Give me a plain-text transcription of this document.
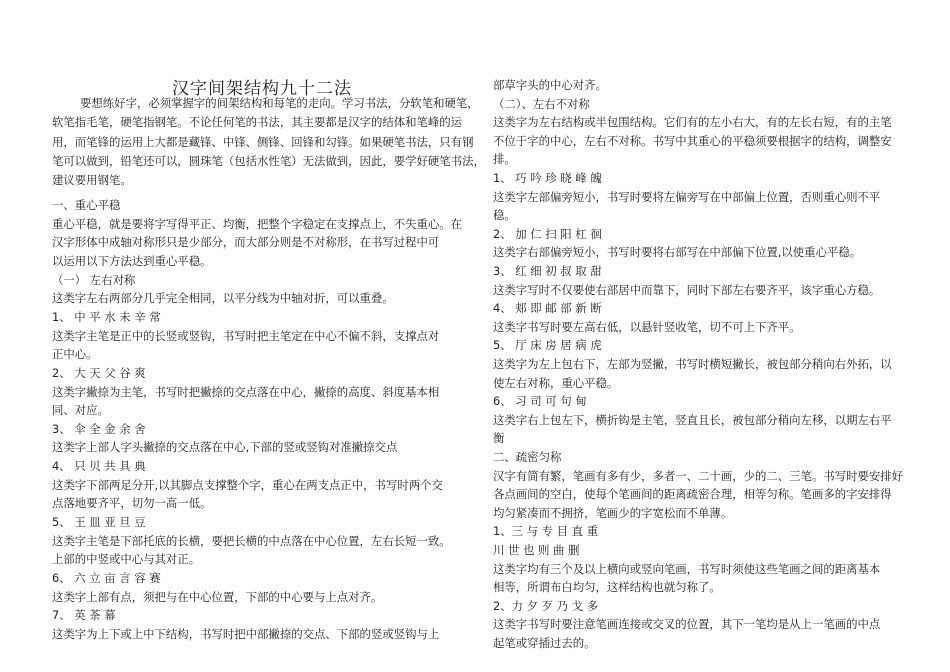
汉字间架结构九十二法
要想练好字，必须掌握字的间架结构和每笔的走向。学习书法，分软笔和硬笔，
软笔指毛笔，硬笔指钢笔。不论任何笔的书法，其主要都是汉字的结体和笔峰的运
用，而笔锋的运用上大都是藏锋、中锋、侧锋、回锋和勾锋。如果硬笔书法，只有钢
笔可以做到，铅笔还可以，圆珠笔（包括水性笔）无法做到，因此，要学好硬笔书法，
建议要用钢笔。
一、重心平稳
重心平稳，就是要将字写得平正、均衡，把整个字稳定在支撑点上，不失重心。在
汉字形体中成轴对称形只是少部分，而大部分则是不对称形，在书写过程中可
以运用以下方法达到重心平稳。
（一） 左右对称
这类字左右两部分几乎完全相同，以平分线为中轴对折，可以重叠。
1、 中 平 水 未 辛 常
这类字主笔是正中的长竖或竖钩，书写时把主笔定在中心不偏不斜，支撑点对
正中心。
2、 大 天 父 谷 爽
这类字撇捺为主笔，书写时把撇捺的交点落在中心，撇捺的高度、斜度基本相
同、对应。
3、 伞 全 金 余 舍
这类字上部人字头撇捺的交点落在中心,下部的竖或竖钩对准撇捺交点
4、 只 贝 共 具 典
这类字下部两足分开,以其脚点支撑整个字，重心在两支点正中，书写时两个交
点落地要齐平，切勿一高一低。
5、 王 皿 亚 旦 豆
这类字主笔是下部托底的长横，要把长横的中点落在中心位置，左右长短一致。
上部的中竖或中心与其对正。
6、 六 立 亩 言 容 赛
这类字上部有点，须把与在中心位置，下部的中心要与上点对齐。
7、 英 茶 幕
这类字为上下或上中下结构，书写时把中部撇捺的交点、下部的竖或竖钩与上
部草字头的中心对齐。
（二）、左右不对称
这类字为左右结构或半包围结构。它们有的左小右大，有的左长右短，有的主笔
不位于字的中心，左右不对称。书写中其重心的平稳须要根据字的结构，调整安
排。
1、 巧 吟 珍 晓 峰 魄
这类字左部偏旁短小，书写时要将左偏旁写在中部偏上位置，否则重心则不平
稳。
2、 加 仁 扫 阳 杠 徊
这类字右部偏旁短小，书写时要将右部写在中部偏下位置,以使重心平稳。
3、 红 细 初 叔 取 甜
这类字写时不仅要使右部居中而靠下，同时下部左右要齐平，该字重心方稳。
4、 郏 即 邮 部 新 断
这类字书写时要左高右低，以悬针竖收笔，切不可上下齐平。
5、 厅 床 房 居 病 虎
这类字为左上包右下，左部为竖撇，书写时横短撇长，被包部分稍向右外拓，以
使左右对称，重心平稳。
6、 习 司 可 句 甸
这类字右上包左下，横折钩是主笔，竖直且长，被包部分稍向左移，以期左右平
衡
二、疏密匀称
汉字有简有繁，笔画有多有少，多者一、二十画，少的二、三笔。书写时要安排好
各点画间的空白，使每个笔画间的距离疏密合理，相等匀称。笔画多的字安排得
均匀紧凑而不拥挤，笔画少的字宽松而不单薄。
1、三 与 专 目 直 重
川 世 也 则 曲 删
这类字均有三个及以上横向或竖向笔画，书写时须使这些笔画之间的距离基本
相等，所谓布白均匀，这样结构也就匀称了。
2、力 夕 歹 乃 戈 多
这类字书写时要注意笔画连接或交叉的位置，其下一笔均是从上一笔画的中点
起笔或穿插过去的。
